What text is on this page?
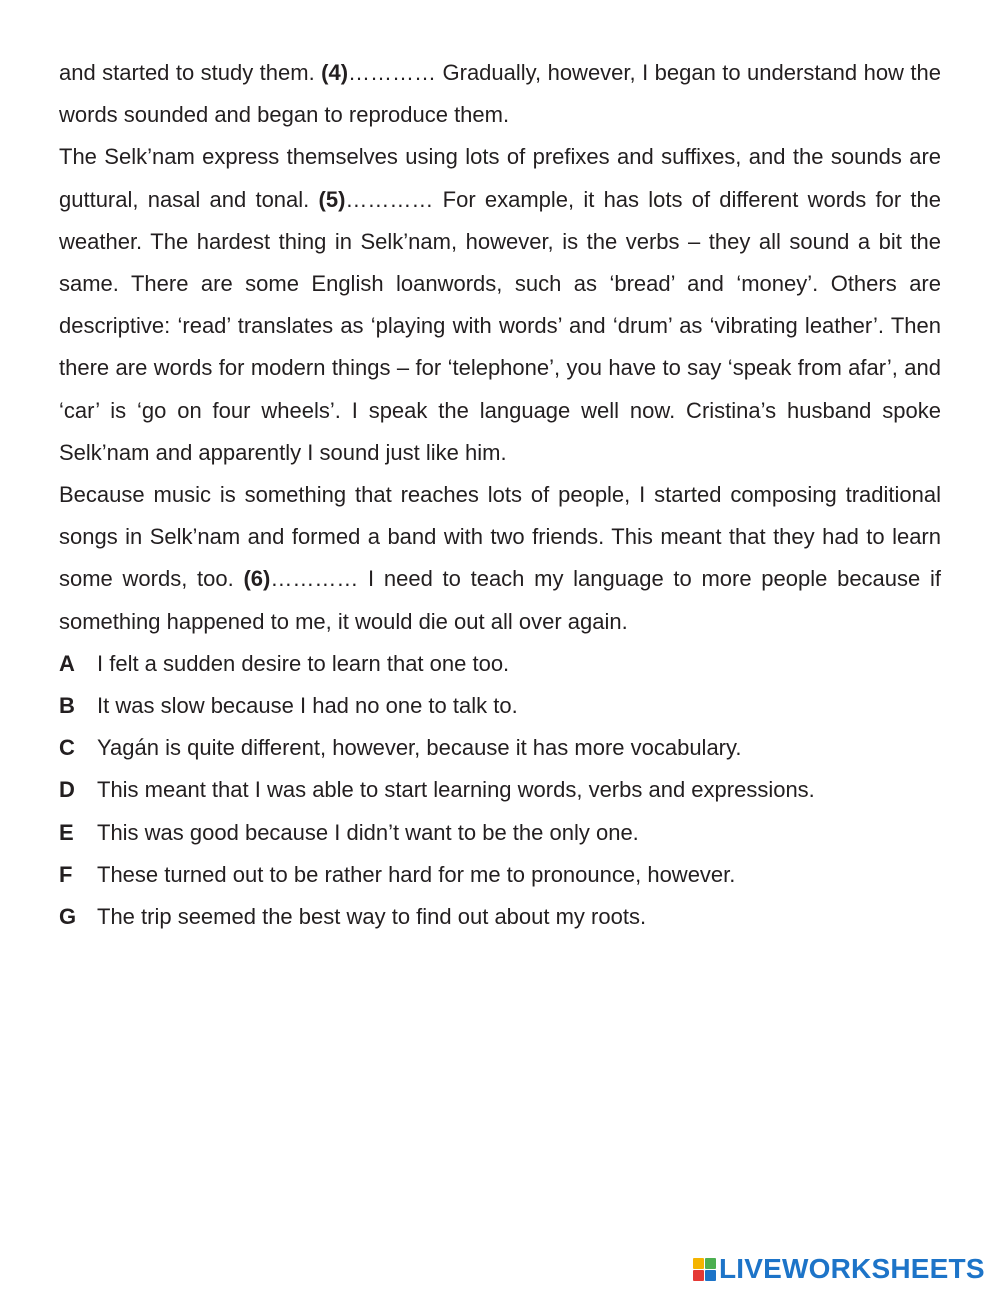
and started to study them. (4)………… Gradually, however, I began to understand how the words sounded and began to reproduce them.

The Selk’nam express themselves using lots of prefixes and suffixes, and the sounds are guttural, nasal and tonal. (5)………… For example, it has lots of different words for the weather. The hardest thing in Selk’nam, however, is the verbs – they all sound a bit the same. There are some English loanwords, such as ‘bread’ and ‘money’. Others are descriptive: ‘read’ translates as ‘playing with words’ and ‘drum’ as ‘vibrating leather’. Then there are words for modern things – for ‘telephone’, you have to say ‘speak from afar’, and ‘car’ is ‘go on four wheels’. I speak the language well now. Cristina’s husband spoke Selk’nam and apparently I sound just like him.

Because music is something that reaches lots of people, I started composing traditional songs in Selk’nam and formed a band with two friends. This meant that they had to learn some words, too. (6)………… I need to teach my language to more people because if something happened to me, it would die out all over again.

A	I felt a sudden desire to learn that one too.
B	It was slow because I had no one to talk to.
C	Yagán is quite different, however, because it has more vocabulary.
D	This meant that I was able to start learning words, verbs and expressions.
E	This was good because I didn’t want to be the only one.
F	These turned out to be rather hard for me to pronounce, however.
G The trip seemed the best way to find out about my roots.
LIVEWORKSHEETS
